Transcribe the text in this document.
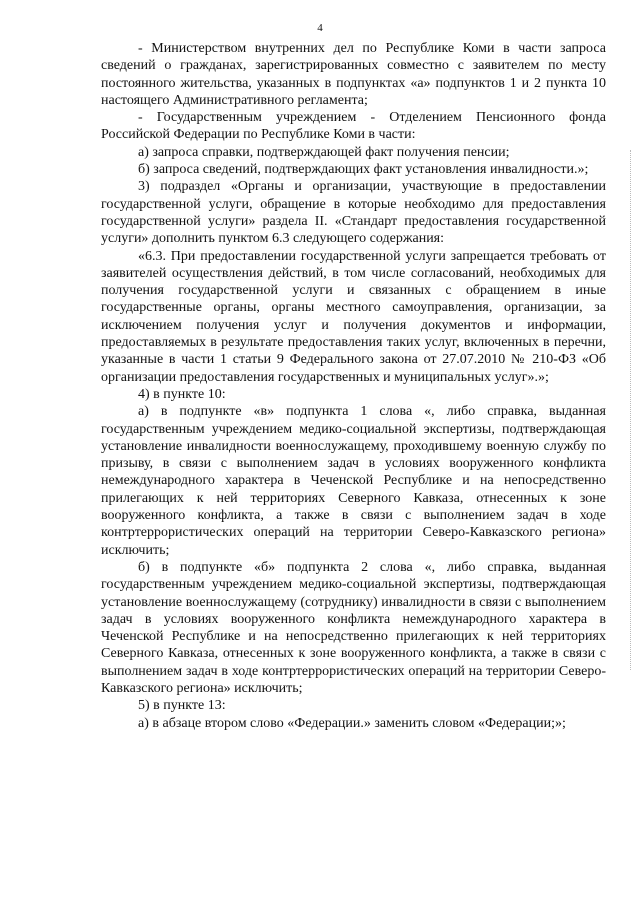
4

- Министерством внутренних дел по Республике Коми в части запроса сведений о гражданах, зарегистрированных совместно с заявителем по месту постоянного жительства, указанных в подпунктах «а» подпунктов 1 и 2 пункта 10 настоящего Административного регламента;

- Государственным учреждением - Отделением Пенсионного фонда Российской Федерации по Республике Коми в части:

а) запроса справки, подтверждающей факт получения пенсии;

б) запроса сведений, подтверждающих факт установления инвалидности.»;

3) подраздел «Органы и организации, участвующие в предоставлении государственной услуги, обращение в которые необходимо для предоставления государственной услуги» раздела II. «Стандарт предоставления государственной услуги» дополнить пунктом 6.3 следующего содержания:

«6.3. При предоставлении государственной услуги запрещается требовать от заявителей осуществления действий, в том числе согласований, необходимых для получения государственной услуги и связанных с обращением в иные государственные органы, органы местного самоуправления, организации, за исключением получения услуг и получения документов и информации, предоставляемых в результате предоставления таких услуг, включенных в перечни, указанные в части 1 статьи 9 Федерального закона от 27.07.2010 № 210-ФЗ «Об организации предоставления государственных и муниципальных услуг».»;

4) в пункте 10:

а) в подпункте «в» подпункта 1 слова «, либо справка, выданная государственным учреждением медико-социальной экспертизы, подтверждающая установление инвалидности военнослужащему, проходившему военную службу по призыву, в связи с выполнением задач в условиях вооруженного конфликта немеждународного характера в Чеченской Республике и на непосредственно прилегающих к ней территориях Северного Кавказа, отнесенных к зоне вооруженного конфликта, а также в связи с выполнением задач в ходе контртеррористических операций на территории Северо-Кавказского региона» исключить;

б) в подпункте «б» подпункта 2 слова «, либо справка, выданная государственным учреждением медико-социальной экспертизы, подтверждающая установление военнослужащему (сотруднику) инвалидности в связи с выполнением задач в условиях вооруженного конфликта немеждународного характера в Чеченской Республике и на непосредственно прилегающих к ней территориях Северного Кавказа, отнесенных к зоне вооруженного конфликта, а также в связи с выполнением задач в ходе контртеррористических операций на территории Северо-Кавказского региона» исключить;

5) в пункте 13:

а) в абзаце втором слово «Федерации.» заменить словом «Федерации;»;
